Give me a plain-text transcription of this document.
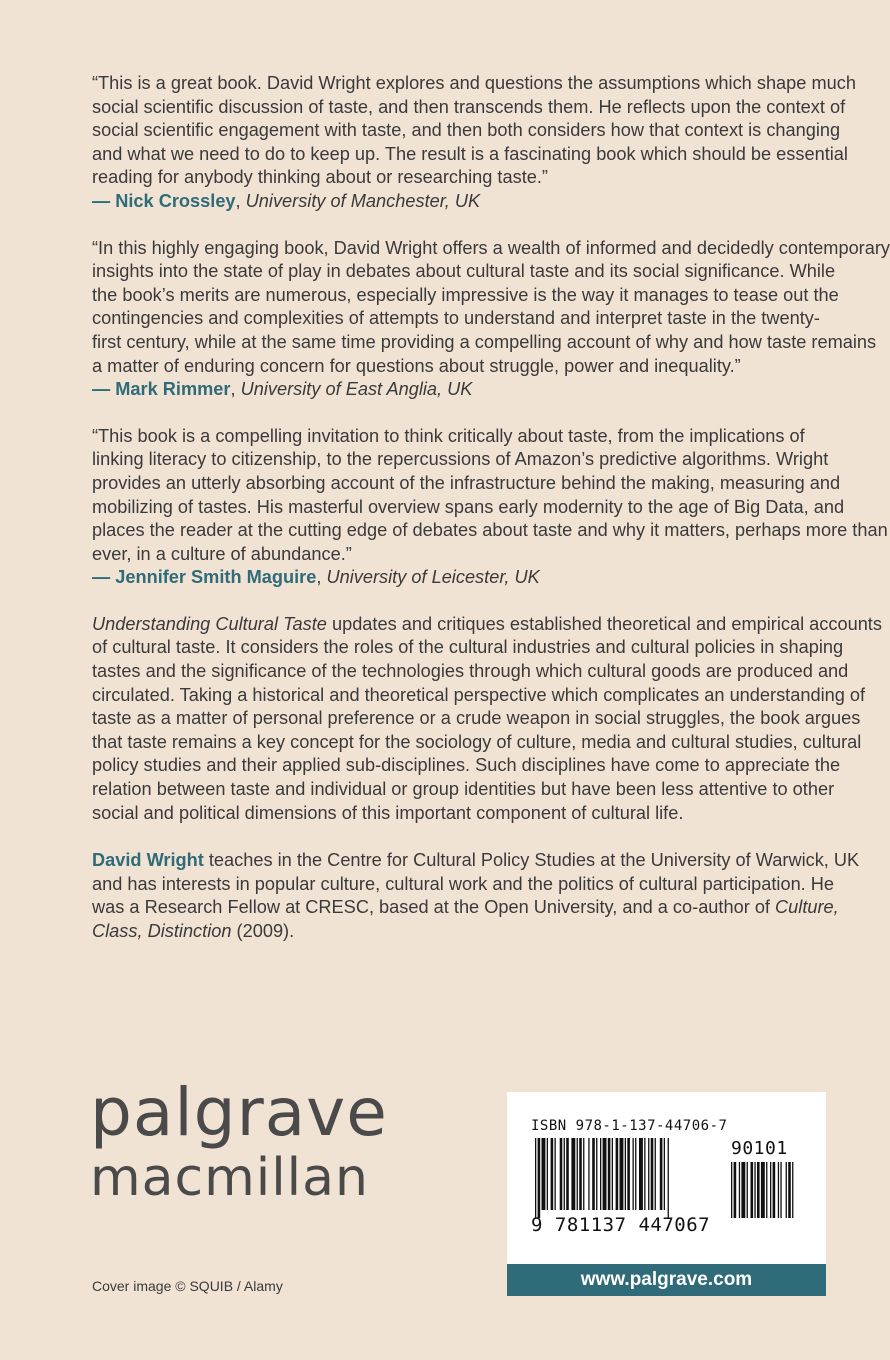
“This is a great book. David Wright explores and questions the assumptions which shape much

social scientific discussion of taste, and then transcends them. He reflects upon the context of

social scientific engagement with taste, and then both considers how that context is changing

and what we need to do to keep up. The result is a fascinating book which should be essential

reading for anybody thinking about or researching taste.”

— Nick Crossley, University of Manchester, UK

“In this highly engaging book, David Wright offers a wealth of informed and decidedly contemporary

insights into the state of play in debates about cultural taste and its social significance. While

the book’s merits are numerous, especially impressive is the way it manages to tease out the

contingencies and complexities of attempts to understand and interpret taste in the twenty-

first century, while at the same time providing a compelling account of why and how taste remains

a matter of enduring concern for questions about struggle, power and inequality.”

— Mark Rimmer, University of East Anglia, UK

“This book is a compelling invitation to think critically about taste, from the implications of

linking literacy to citizenship, to the repercussions of Amazon’s predictive algorithms. Wright

provides an utterly absorbing account of the infrastructure behind the making, measuring and

mobilizing of tastes. His masterful overview spans early modernity to the age of Big Data, and

places the reader at the cutting edge of debates about taste and why it matters, perhaps more than

ever, in a culture of abundance.”

— Jennifer Smith Maguire, University of Leicester, UK

Understanding Cultural Taste updates and critiques established theoretical and empirical accounts

of cultural taste. It considers the roles of the cultural industries and cultural policies in shaping

tastes and the significance of the technologies through which cultural goods are produced and

circulated. Taking a historical and theoretical perspective which complicates an understanding of

taste as a matter of personal preference or a crude weapon in social struggles, the book argues

that taste remains a key concept for the sociology of culture, media and cultural studies, cultural

policy studies and their applied sub-disciplines. Such disciplines have come to appreciate the

relation between taste and individual or group identities but have been less attentive to other

social and political dimensions of this important component of cultural life.

David Wright teaches in the Centre for Cultural Policy Studies at the University of Warwick, UK

and has interests in popular culture, cultural work and the politics of cultural participation. He

was a Research Fellow at CRESC, based at the Open University, and a co-author of Culture,

Class, Distinction (2009).

palgrave
macmillan
Cover image © SQUIB / Alamy
ISBN 978-1-137-44706-7
90101
9 781137 447067
www.palgrave.com
